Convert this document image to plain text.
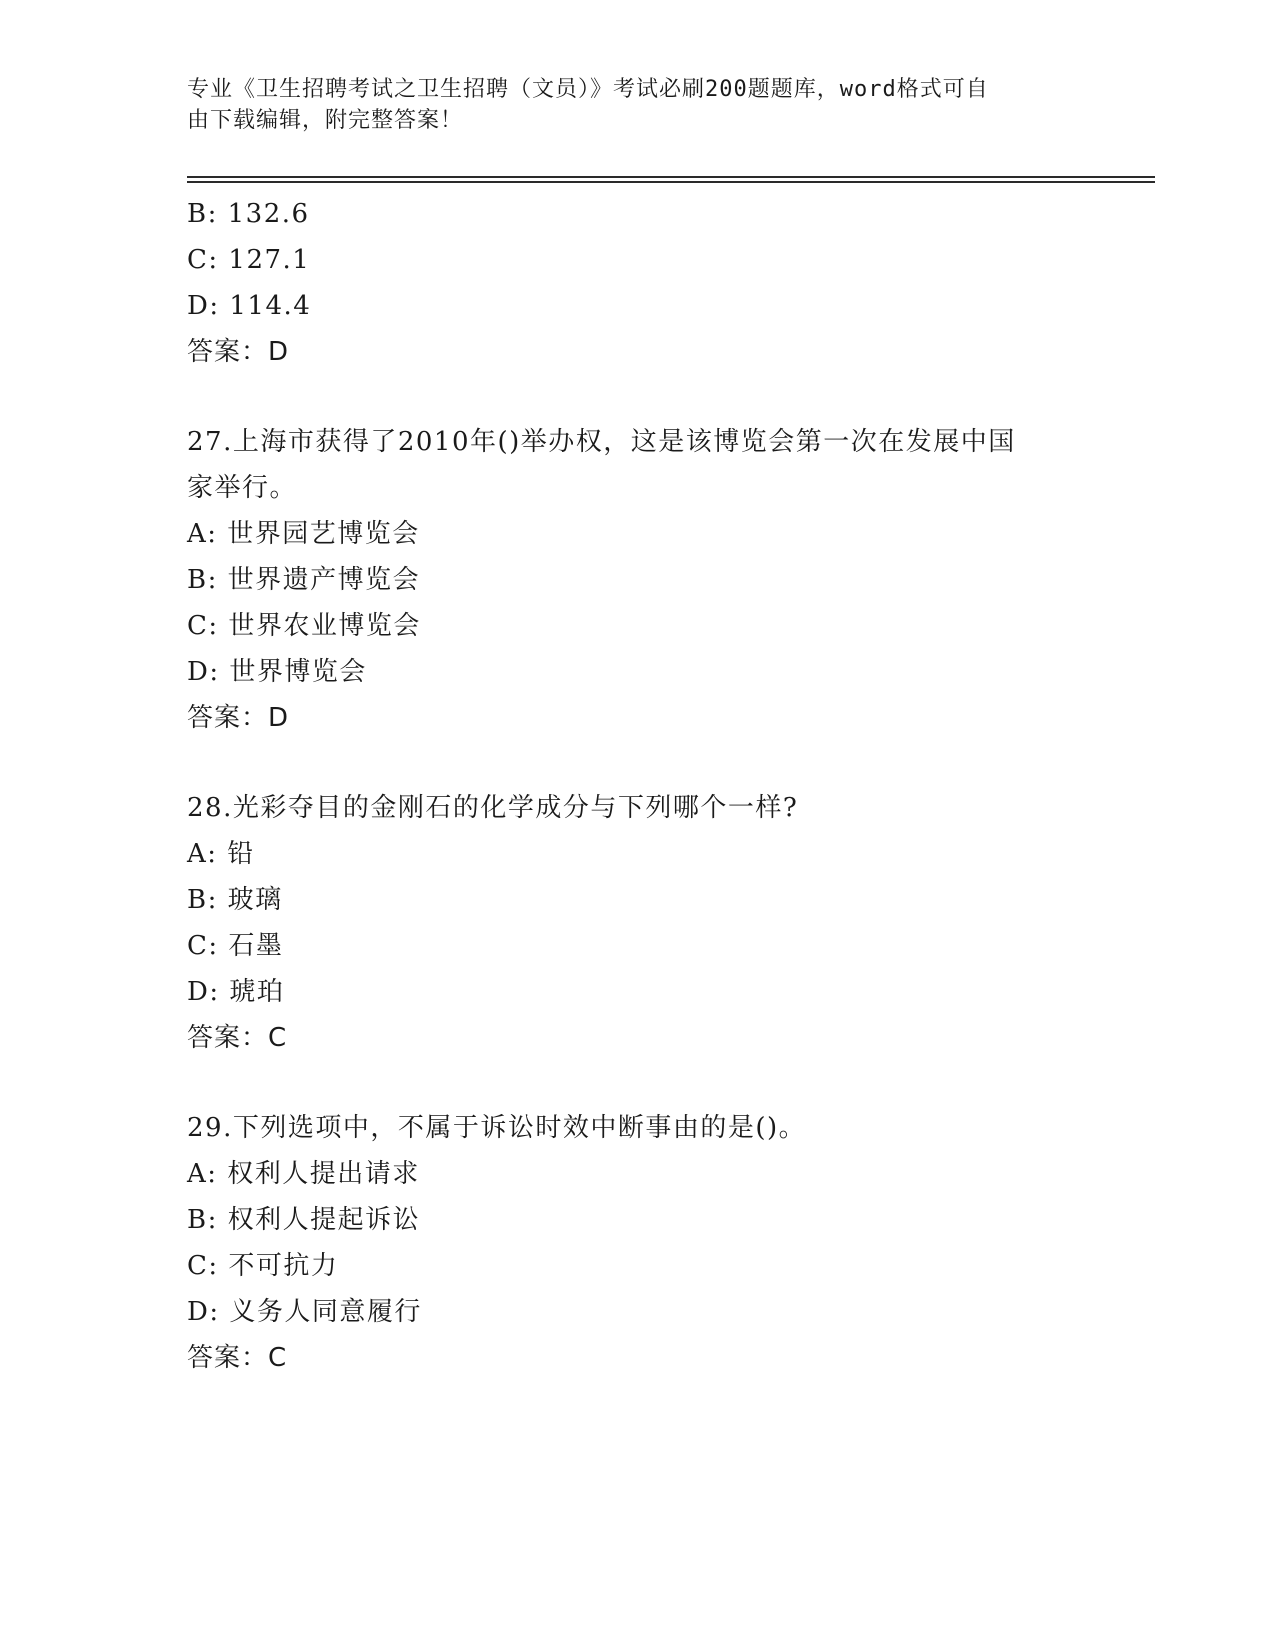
专业《卫生招聘考试之卫生招聘（文员）》考试必刷200题题库，word格式可自
由下载编辑，附完整答案！
B: 132.6
C: 127.1
D: 114.4
答案：D
27.上海市获得了2010年()举办权，这是该博览会第一次在发展中国
家举行。
A: 世界园艺博览会
B: 世界遗产博览会
C: 世界农业博览会
D: 世界博览会
答案：D
28.光彩夺目的金刚石的化学成分与下列哪个一样?
A: 铅
B: 玻璃
C: 石墨
D: 琥珀
答案：C
29.下列选项中，不属于诉讼时效中断事由的是()。
A: 权利人提出请求
B: 权利人提起诉讼
C: 不可抗力
D: 义务人同意履行
答案：C
